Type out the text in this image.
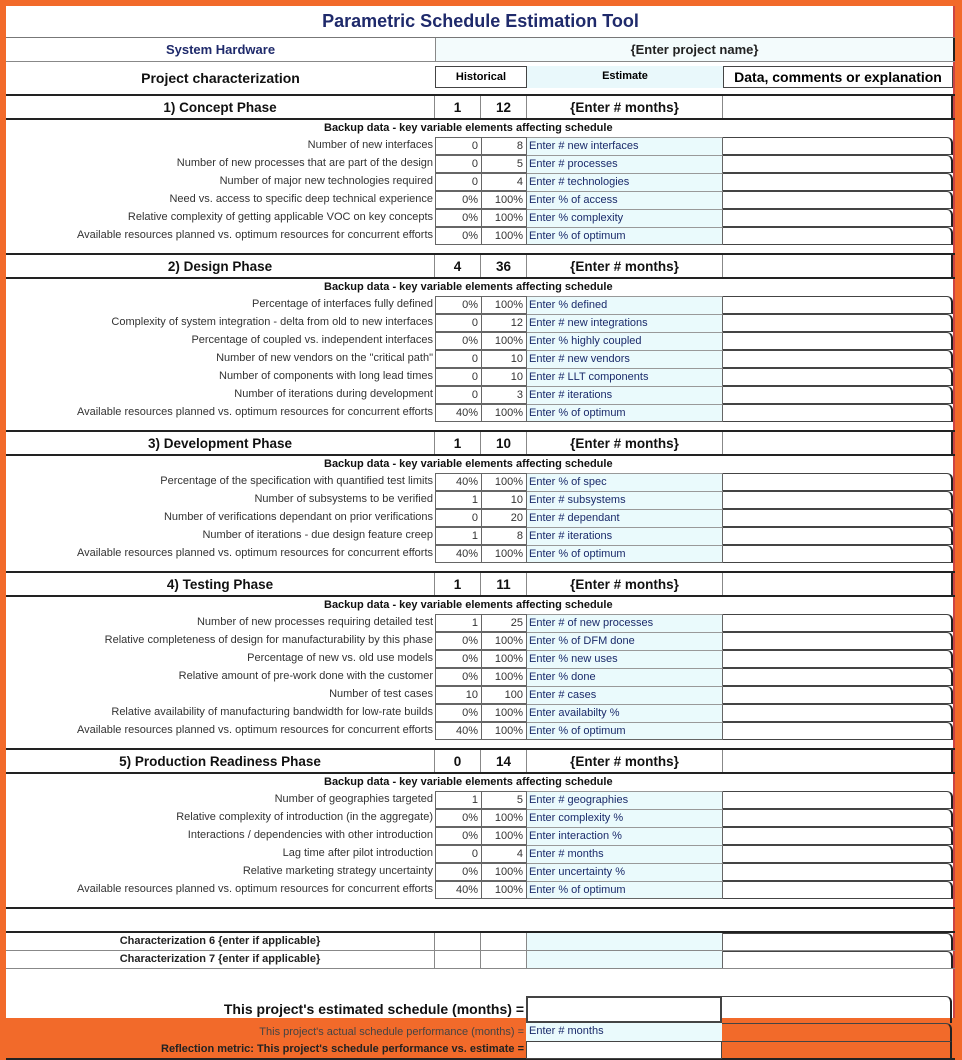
Parametric Schedule Estimation Tool
System Hardware	{Enter project name}
Project characterization	Historical	Estimate	Data, comments or explanation
1) Concept Phase	1	12	{Enter # months}
Backup data - key variable elements affecting schedule
Number of new interfaces	0	8 Enter # new interfaces
Number of new processes that are part of the design	0	5 Enter # processes
Number of major new technologies required	0	4 Enter # technologies
Need vs. access to specific deep technical experience	0%	100% Enter % of access
Relative complexity of getting applicable VOC on key concepts	0%	100% Enter % complexity
Available resources planned vs. optimum resources for concurrent efforts	0%	100% Enter % of optimum
2) Design Phase	4	36	{Enter # months}
Backup data - key variable elements affecting schedule
Percentage of interfaces fully defined	0%	100% Enter % defined
Complexity of system integration - delta from old to new interfaces	0	12 Enter # new integrations
Percentage of coupled vs. independent interfaces	0%	100% Enter % highly coupled
Number of new vendors on the "critical path"	0	10 Enter # new vendors
Number of components with long lead times	0	10 Enter # LLT components
Number of iterations during development	0	3 Enter # iterations
Available resources planned vs. optimum resources for concurrent efforts	40%	100% Enter % of optimum
3) Development Phase	1	10	{Enter # months}
Backup data - key variable elements affecting schedule
Percentage of the specification with quantified test limits	40%	100% Enter % of spec
Number of subsystems to be verified	1	10 Enter # subsystems
Number of verifications dependant on prior verifications	0	20 Enter # dependant
Number of iterations - due design feature creep	1	8 Enter # iterations
Available resources planned vs. optimum resources for concurrent efforts	40%	100% Enter % of optimum
4) Testing Phase	1	11	{Enter # months}
Backup data - key variable elements affecting schedule
Number of new processes requiring detailed test	1	25 Enter # of new processes
Relative completeness of design for manufacturability by this phase	0%	100% Enter % of DFM done
Percentage of new vs. old use models	0%	100% Enter % new uses
Relative amount of pre-work done with the customer	0%	100% Enter % done
Number of test cases	10	100 Enter # cases
Relative availability of manufacturing bandwidth for low-rate builds	0%	100% Enter availabilty %
Available resources planned vs. optimum resources for concurrent efforts	40%	100% Enter % of optimum
5) Production Readiness Phase	0	14	{Enter # months}
Backup data - key variable elements affecting schedule
Number of geographies targeted	1	5 Enter # geographies
Relative complexity of introduction (in the aggregate)	0%	100% Enter complexity %
Interactions / dependencies with other introduction	0%	100% Enter interaction %
Lag time after pilot introduction	0	4 Enter # months
Relative marketing strategy uncertainty	0%	100% Enter uncertainty %
Available resources planned vs. optimum resources for concurrent efforts	40%	100% Enter % of optimum
Characterization 6 {enter if applicable}
Characterization 7 {enter if applicable}
This project's estimated schedule (months) =
This project's actual schedule performance (months) = Enter # months
Reflection metric: This project's schedule performance vs. estimate =
